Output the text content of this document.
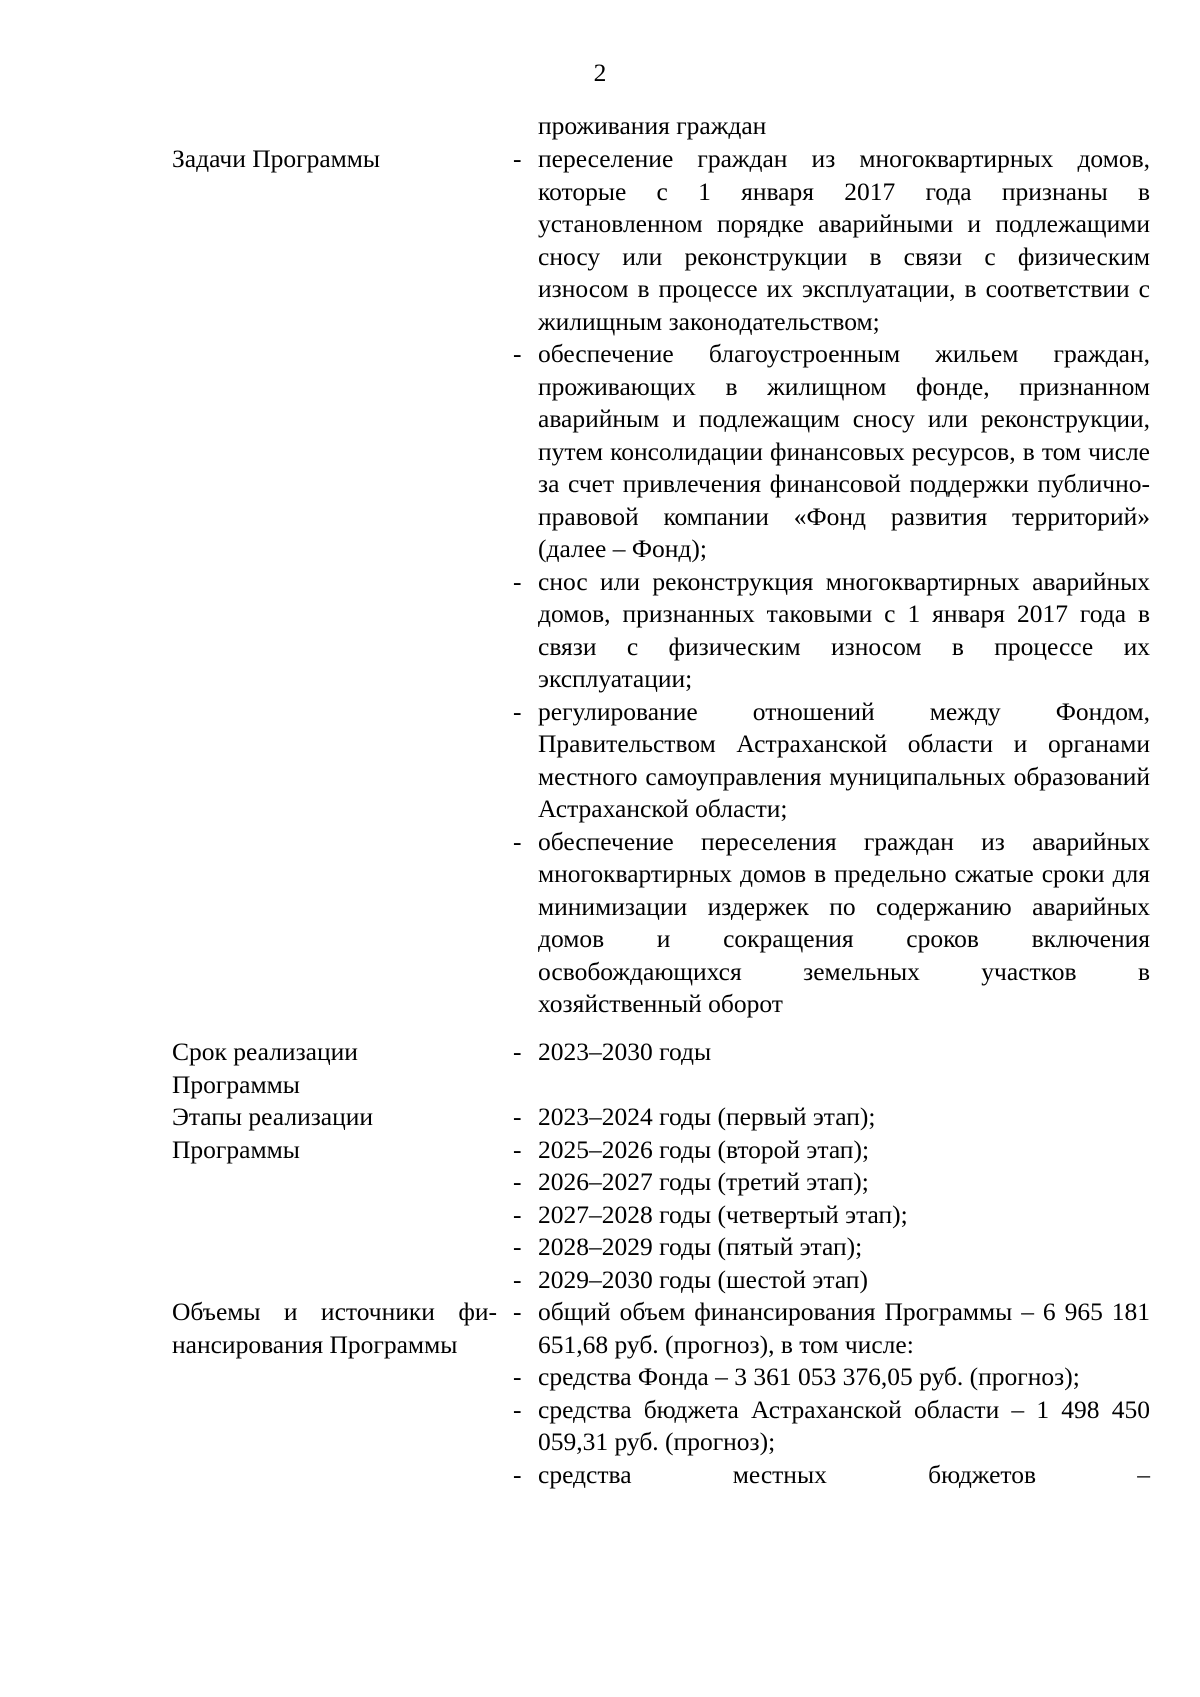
2
проживания граждан
Задачи Программы	- переселение граждан из многоквартирных домов, которые с 1 января 2017 года признаны в установленном порядке аварийными и подлежащими сносу или реконструкции в связи с физическим износом в процессе их эксплуатации, в соответствии с жилищным законодательством;
- обеспечение благоустроенным жильем граждан, проживающих в жилищном фонде, признанном аварийным и подлежащим сносу или реконструкции, путем консолидации финансовых ресурсов, в том числе за счет привлечения финансовой поддержки публично-правовой компании «Фонд развития территорий» (далее – Фонд);
- снос или реконструкция многоквартирных аварийных домов, признанных таковыми с 1 января 2017 года в связи с физическим износом в процессе их эксплуатации;
- регулирование отношений между Фондом, Правительством Астраханской области и органами местного самоуправления муниципальных образований Астраханской области;
- обеспечение переселения граждан из аварийных многоквартирных домов в предельно сжатые сроки для минимизации издержек по содержанию аварийных домов и сокращения сроков включения освобождающихся земельных участков в хозяйственный оборот
Срок реализации
Программы
- 2023–2030 годы
Этапы реализации
Программы
- 2023–2024 годы (первый этап);
- 2025–2026 годы (второй этап);
- 2026–2027 годы (третий этап);
- 2027–2028 годы (четвертый этап);
- 2028–2029 годы (пятый этап);
- 2029–2030 годы (шестой этап)
Объемы и источники фи-
нансирования Программы
- общий объем финансирования Программы – 6 965 181 651,68 руб. (прогноз), в том числе:
- средства Фонда – 3 361 053 376,05 руб. (прогноз);
- средства бюджета Астраханской области – 1 498 450 059,31 руб. (прогноз);
- средства местных бюджетов –
